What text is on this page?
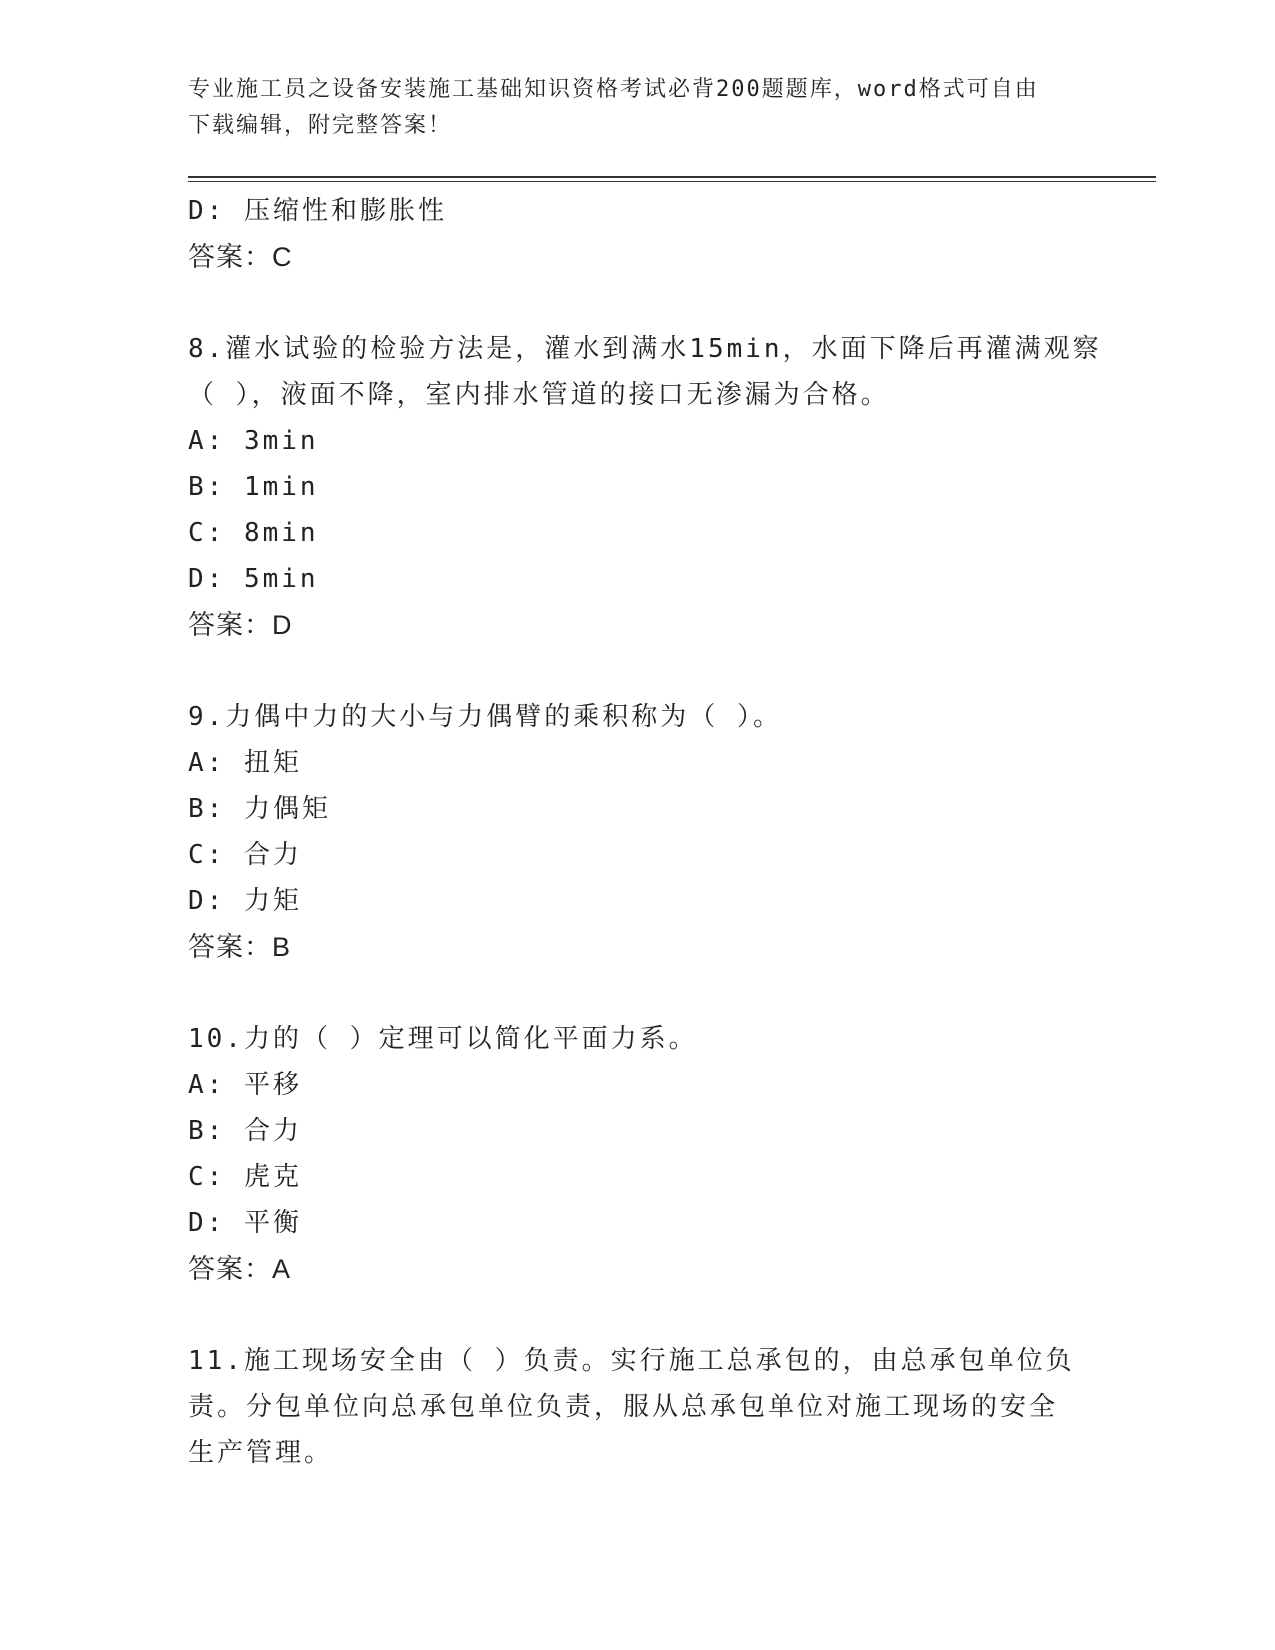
专业施工员之设备安装施工基础知识资格考试必背200题题库，word格式可自由
下载编辑，附完整答案！
D: 压缩性和膨胀性
答案：C
8.灌水试验的检验方法是，灌水到满水15min，水面下降后再灌满观察
（ ），液面不降，室内排水管道的接口无渗漏为合格。
A: 3min
B: 1min
C: 8min
D: 5min
答案：D
9.力偶中力的大小与力偶臂的乘积称为（ ）。
A: 扭矩
B: 力偶矩
C: 合力
D: 力矩
答案：B
10.力的（ ）定理可以简化平面力系。
A: 平移
B: 合力
C: 虎克
D: 平衡
答案：A
11.施工现场安全由（ ）负责。实行施工总承包的，由总承包单位负
责。分包单位向总承包单位负责，服从总承包单位对施工现场的安全
生产管理。
